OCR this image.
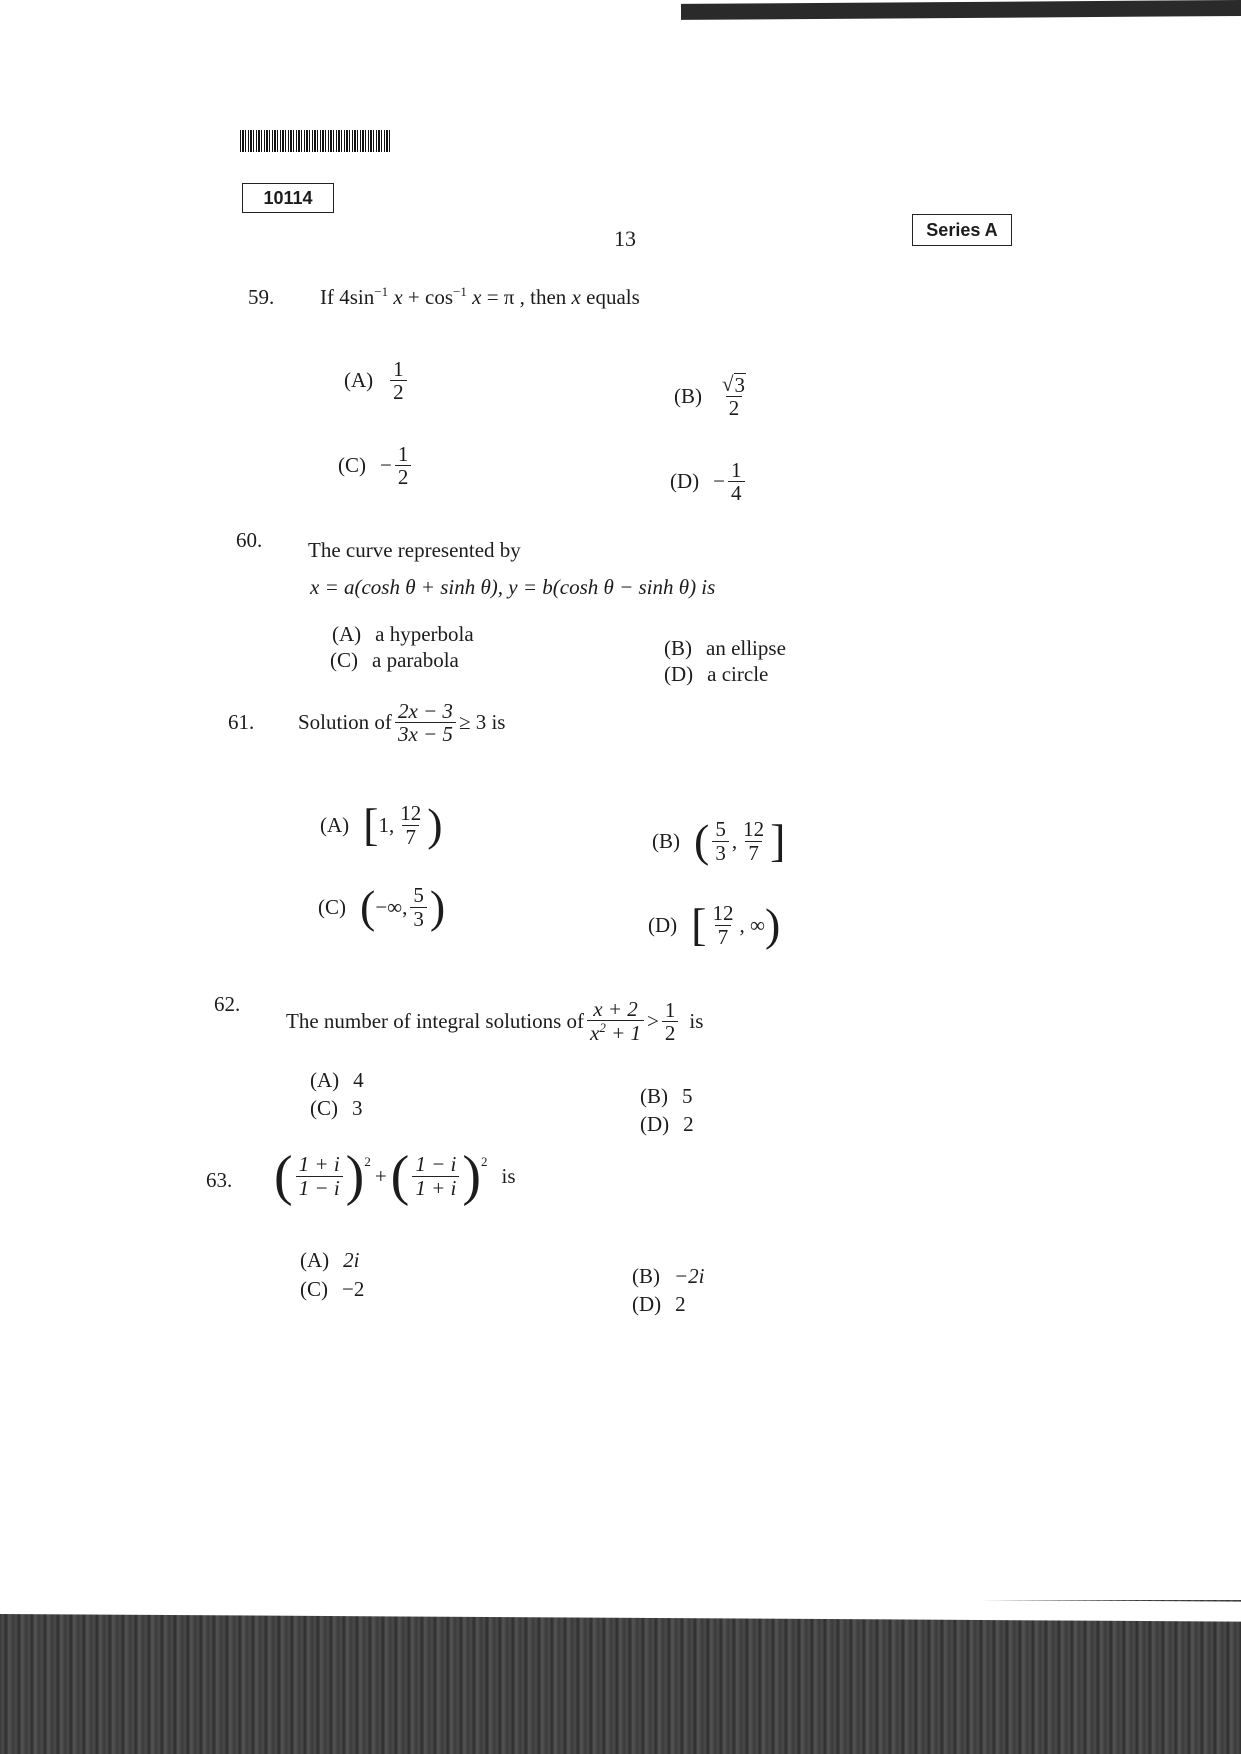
10114
13	Series A
59. If $4\sin^{-1}$ $x + \cos^{-1} x = \pi$ , then x equals
$(A) \frac{1}{2}$	$(B) \frac{√ 3}{2}$
$(C) - \frac{1}{2}$	$(D) - \frac{1}{4}$
60. The curve represented by
x = a(cosh θ + sinh θ), y = b(cosh θ − sinh θ) is
(A) a hyperbola
(B) an ellipse
(C) a parabola
(D) a circle
61. Solution of $\frac{2x - 3}{3x - 5} \ge 3$ is
(A) [ 1, $\frac{12}{7}$ )	(B) ( $\frac{5}{3}$ , $\frac{12}{7}$ ]
(C) ( −∞, $\frac{5}{3}$ )	(D) [ $\frac{12}{7}$ , ∞ )
62.
The number of integral solutions of $\frac{x + 2}{x^2 + 1} > \frac{1}{2}$ is
(A) 4
(B) 5
(C) 3
(D) 2
63. ( $\frac{1 + i}{1 - i} )^2$
+ ( $\frac{1 - i}{1 + i} )^2$
is
(A) 2i
(B) −2i
(C) −2
(D) 2
